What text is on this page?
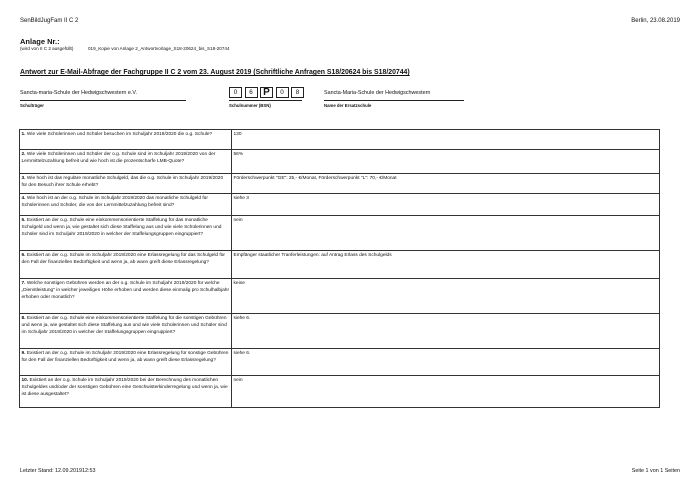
SenBildJugFam II C 2	Berlin, 23.08.2019
Anlage Nr.:
(wird von II C 2 ausgefüllt)	019_Kopie von Anlage 2_Antwortvorlage_S18-20624_bis_S18-20744
Antwort zur E-Mail-Abfrage der Fachgruppe II C 2 vom 23. August 2019 (Schriftliche Anfragen S18/20624 bis S18/20744)
Sancta-maria-Schule der Hedwigschwestern e.V.
Schulträger
0	6	P	0	8
Schulnummer (BSN)
Sancta-Maria-Schule der Hedwigschwestern
Name der Ersatzschule
1. Wie viele Schülerinnen und Schüler besuchen im Schuljahr 2019/2020 die o.g. Schule?	130
2. Wie viele Schülerinnen und Schüler der o.g. Schule sind im Schuljahr 2019/2020 von der Lernmittelzuzahlung befreit und wie hoch ist die prozentscharfe LMB-Quote?	56%
3. Wie hoch ist das reguläre monatliche Schulgeld, das die o.g. Schule im Schuljahr 2019/2020 für den Besuch ihrer Schule erhebt?	Förderschwerpunkt "GE": 25,- €/Monat, Förderschwerpunkt "L": 70,- €/Monat
4. Wie hoch ist an der o.g. Schule im Schuljahr 2019/2020 das monatliche Schulgeld für Schülerinnen und Schüler, die von der Lernmittelzuzahlung befreit sind?	siehe 3
5. Existiert an der o.g. Schule eine einkommensorientierte Staffelung für das monatliche Schulgeld und wenn ja, wie gestaltet sich diese Staffelung aus und wie viele Schülerinnen und Schüler sind im Schuljahr 2019/2020 in welcher der Staffelungsgruppen eingruppiert?	nein
6. Existiert an der o.g. Schule im Schuljahr 2019/2020 eine Erlassregelung für das Schulgeld für den Fall der finanziellen Bedürftigkeit und wenn ja, ab wann greift diese Erlassregelung?	Empfänger staatlicher Tranferleistungen: auf Antrag Erlass des Schulgelds
7. Welche sonstigen Gebühren werden an der o.g. Schule im Schuljahr 2019/2020 für welche „Dienstleistung" in welcher jeweiligen Höhe erhoben und werden diese einmalig pro Schulhalbjahr erhoben oder monatlich?	keine
8. Existiert an der o.g. Schule eine einkommensorientierte Staffelung für die sonstigen Gebühren und wenn ja, wie gestaltet sich diese Staffelung aus und wie viele Schülerinnen und Schüler sind im Schuljahr 2019/2020 in welcher der Staffelungsgruppen eingruppiert?	siehe 6.
9. Existiert an der o.g. Schule im Schuljahr 2019/2020 eine Erlassregelung für sonstige Gebühren für den Fall der finanziellen Bedürftigkeit und wenn ja, ab wann greift diese Erlassregelung?	siehe 6.
10. Existiert an der o.g. Schule im Schuljahr 2019/2020 bei der Berechnung des monatlichen Schulgeldes und/oder der sonstigen Gebühren eine Geschwisterkinderregelung und wenn ja, wie ist diese ausgestaltet?	nein
Letzter Stand: 12.09.201912:53	Seite 1 von 1 Seiten
